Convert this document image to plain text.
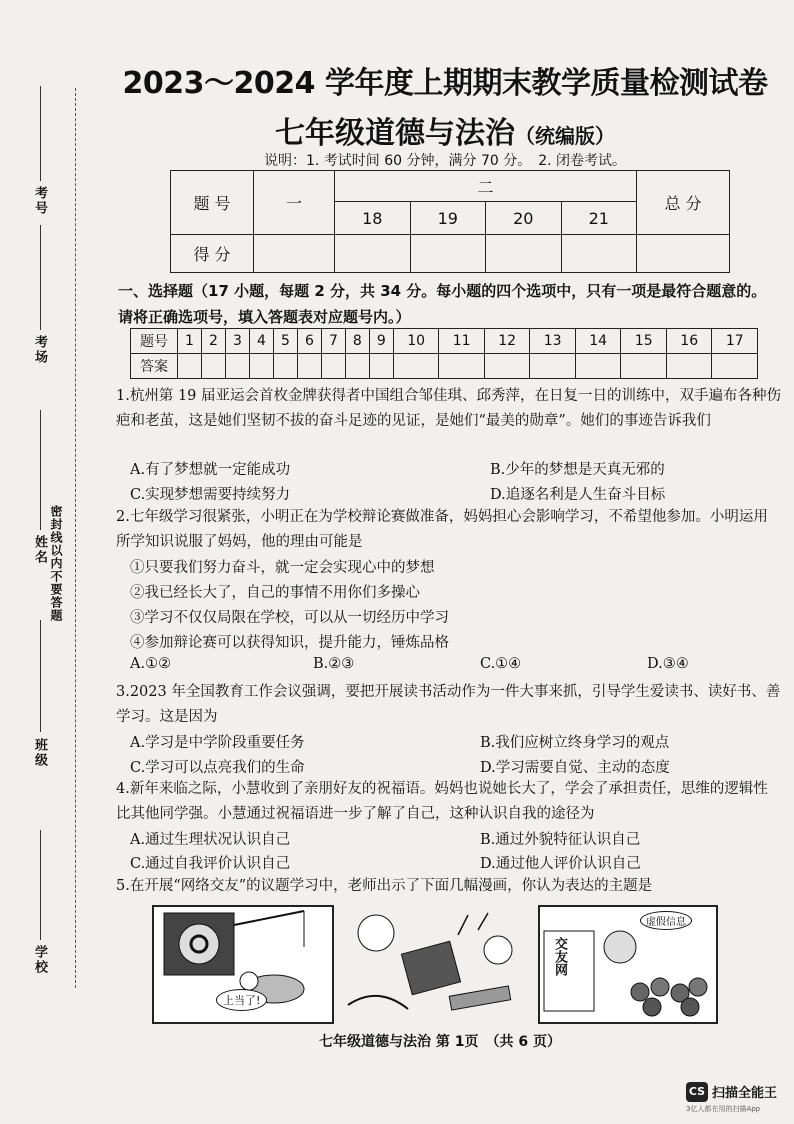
考号
考场
姓名 密封线以内不要答题
班级
学校
2023～2024 学年度上期期末教学质量检测试卷
七年级道德与法治（统编版）
说明：1. 考试时间 60 分钟，满分 70 分。　2. 闭卷考试。
题 号	一	二				总 分
		18	19	20	21	
得 分						
一、选择题（17 小题，每题 2 分，共 34 分。每小题的四个选项中，只有一项是最符合题意的。请将正确选项号，填入答题表对应题号内。）
题号	1	2	3	4	5	6	7	8	9	10	11	12	13	14	15	16	17
答案																	
1.杭州第 19 届亚运会首枚金牌获得者中国组合邹佳琪、邱秀萍，在日复一日的训练中，双手遍布各种伤疤和老茧，这是她们坚韧不拔的奋斗足迹的见证，是她们“最美的勋章”。她们的事迹告诉我们
A.有了梦想就一定能成功	B.少年的梦想是天真无邪的
C.实现梦想需要持续努力	D.追逐名利是人生奋斗目标
2.七年级学习很紧张，小明正在为学校辩论赛做准备，妈妈担心会影响学习，不希望他参加。小明运用所学知识说服了妈妈，他的理由可能是
①只要我们努力奋斗，就一定会实现心中的梦想
②我已经长大了，自己的事情不用你们多操心
③学习不仅仅局限在学校，可以从一切经历中学习
④参加辩论赛可以获得知识，提升能力，锤炼品格
A.①②	B.②③	C.①④	D.③④
3.2023 年全国教育工作会议强调，要把开展读书活动作为一件大事来抓，引导学生爱读书、读好书、善学习。这是因为
A.学习是中学阶段重要任务	B.我们应树立终身学习的观点
C.学习可以点亮我们的生命	D.学习需要自觉、主动的态度
4.新年来临之际，小慧收到了亲朋好友的祝福语。妈妈也说她长大了，学会了承担责任，思维的逻辑性比其他同学强。小慧通过祝福语进一步了解了自己，这种认识自我的途径为
A.通过生理状况认识自己	B.通过外貌特征认识自己
C.通过自我评价认识自己	D.通过他人评价认识自己
5.在开展“网络交友”的议题学习中，老师出示了下面几幅漫画，你认为表达的主题是
上当了!
交友网
虚假信息
七年级道德与法治 第 1页　（共 6 页）
CS 扫描全能王
3亿人都在用的扫描App
